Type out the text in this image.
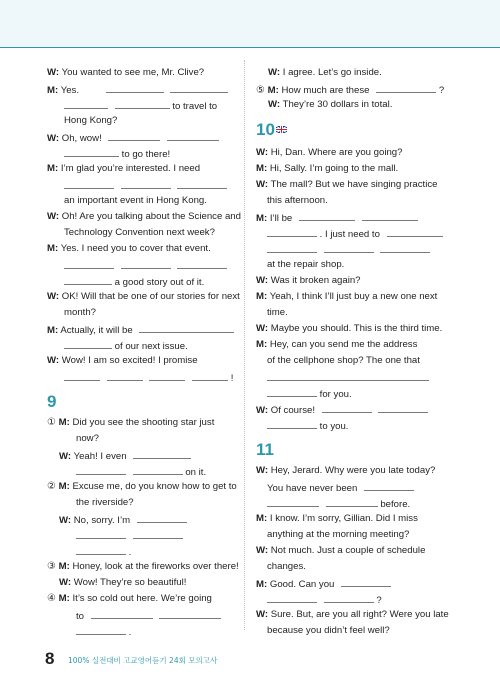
W: You wanted to see me, Mr. Clive?
M: Yes.
to travel to
Hong Kong?
W: Oh, wow!
to go there!
M: I’m glad you’re interested. I need

an important event in Hong Kong.
W: Oh! Are you talking about the Science and
Technology Convention next week?
M: Yes. I need you to cover that event.

a good story out of it.
W: OK! Will that be one of our stories for next
month?
M: Actually, it will be
of our next issue.
W: Wow! I am so excited! I promise
!
9
① M: Did you see the shooting star just
now?
W: Yeah! I even
on it.
② M: Excuse me, do you know how to get to
the riverside?
W: No, sorry. I’m

.
③ M: Honey, look at the fireworks over there!
W: Wow! They’re so beautiful!
④ M: It’s so cold out here. We’re going
to
.
W: I agree. Let’s go inside.
⑤ M: How much are these	?
W: They’re 30 dollars in total.
10
W: Hi, Dan. Where are you going?
M: Hi, Sally. I’m going to the mall.
W: The mall? But we have singing practice
this afternoon.
M: I’ll be
. I just need to

at the repair shop.
W: Was it broken again?
M: Yeah, I think I’ll just buy a new one next
time.
W: Maybe you should. This is the third time.
M: Hey, can you send me the address
of the cellphone shop? The one that
for you.
W: Of course!
to you.
11
W: Hey, Jerard. Why were you late today?
You have never been
before.
M: I know. I’m sorry, Gillian. Did I miss
anything at the morning meeting?
W: Not much. Just a couple of schedule
changes.
M: Good. Can you
?
W: Sure. But, are you all right? Were you late
because you didn’t feel well?
8 100% 실전대비 고교영어듣기 24회 모의고사
